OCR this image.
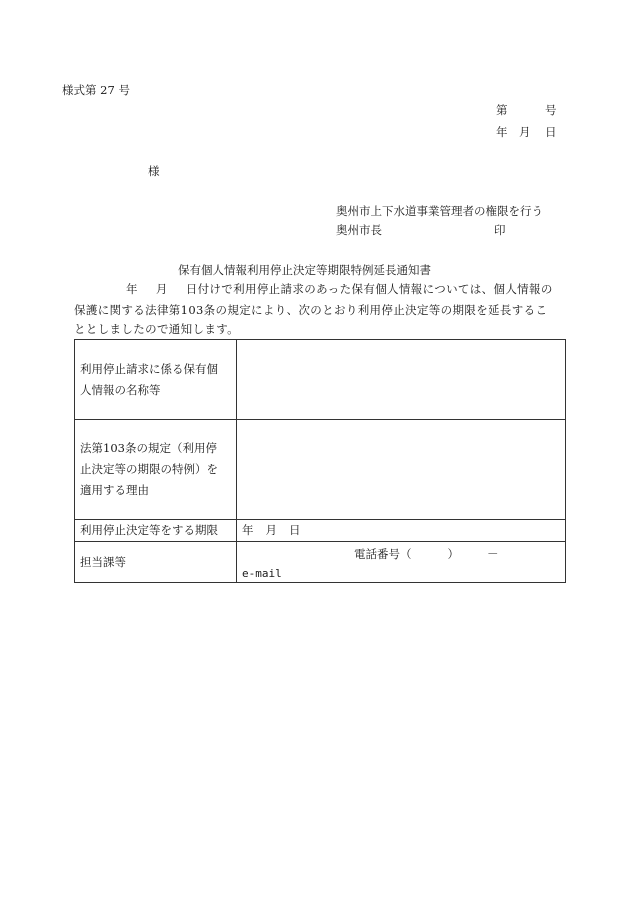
様式第 27 号
第	号
年 月 日
様
奥州市上下水道事業管理者の権限を行う
奥州市長	印
保有個人情報利用停止決定等期限特例延長通知書
年 月 日付けで利用停止請求のあった保有個人情報については、個人情報の
保護に関する法律第103条の規定により、次のとおり利用停止決定等の期限を延長するこ
ととしましたので通知します。
利用停止請求に係る保有個
人情報の名称等	

法第103条の規定（利用停
止決定等の期限の特例）を
適用する理由	

利用停止決定等をする期限	年 月 日
担当課等	電話番号（ ） －
e-mail
